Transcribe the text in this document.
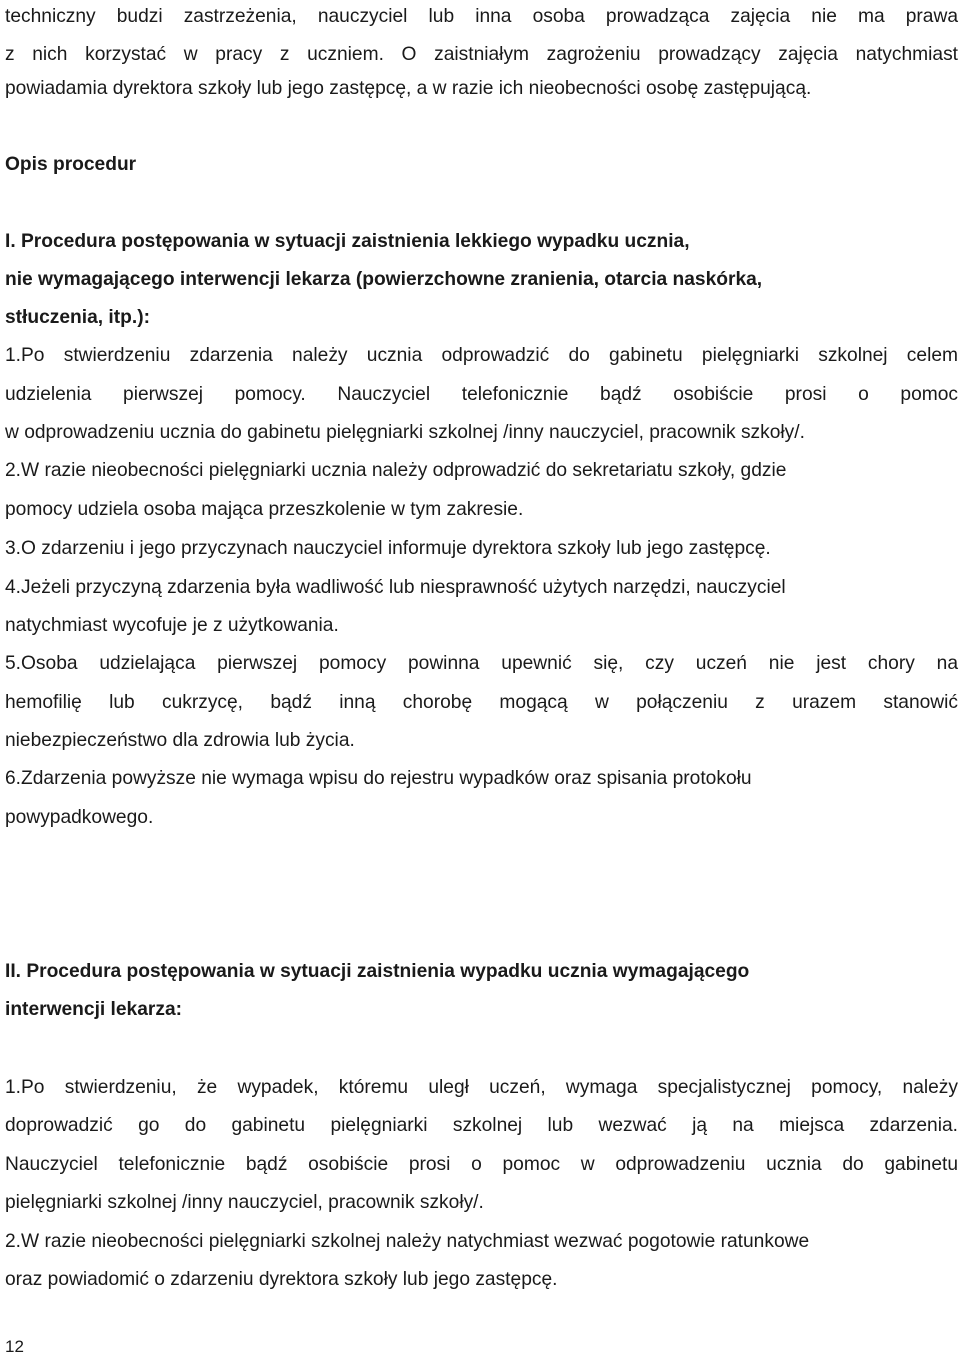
techniczny budzi zastrzeżenia, nauczyciel lub inna osoba prowadząca zajęcia nie ma prawa
z nich korzystać w pracy z uczniem. O zaistniałym zagrożeniu prowadzący zajęcia natychmiast
powiadamia dyrektora szkoły lub jego zastępcę, a w razie ich nieobecności osobę zastępującą.
Opis procedur
I. Procedura postępowania w sytuacji zaistnienia lekkiego wypadku ucznia,
nie wymagającego interwencji lekarza (powierzchowne zranienia, otarcia naskórka,
stłuczenia, itp.):
1.Po stwierdzeniu zdarzenia należy ucznia odprowadzić do gabinetu pielęgniarki szkolnej celem
udzielenia pierwszej pomocy. Nauczyciel telefonicznie bądź osobiście prosi o pomoc
w odprowadzeniu ucznia do gabinetu pielęgniarki szkolnej /inny nauczyciel, pracownik szkoły/.
2.W razie nieobecności pielęgniarki ucznia należy odprowadzić do sekretariatu szkoły, gdzie
pomocy udziela osoba mająca przeszkolenie w tym zakresie.
3.O zdarzeniu i jego przyczynach nauczyciel informuje dyrektora szkoły lub jego zastępcę.
4.Jeżeli przyczyną zdarzenia była wadliwość lub niesprawność użytych narzędzi, nauczyciel
natychmiast wycofuje je z użytkowania.
5.Osoba udzielająca pierwszej pomocy powinna upewnić się, czy uczeń nie jest chory na
hemofilię lub cukrzycę, bądź inną chorobę mogącą w połączeniu z urazem stanowić
niebezpieczeństwo dla zdrowia lub życia.
6.Zdarzenia powyższe nie wymaga wpisu do rejestru wypadków oraz spisania protokołu
powypadkowego.
II. Procedura postępowania w sytuacji zaistnienia wypadku ucznia wymagającego
interwencji lekarza:
1.Po stwierdzeniu, że wypadek, któremu uległ uczeń, wymaga specjalistycznej pomocy, należy
doprowadzić go do gabinetu pielęgniarki szkolnej lub wezwać ją na miejsca zdarzenia.
Nauczyciel telefonicznie bądź osobiście prosi o pomoc w odprowadzeniu ucznia do gabinetu
pielęgniarki szkolnej /inny nauczyciel, pracownik szkoły/.
2.W razie nieobecności pielęgniarki szkolnej należy natychmiast wezwać pogotowie ratunkowe
oraz powiadomić o zdarzeniu dyrektora szkoły lub jego zastępcę.
12
